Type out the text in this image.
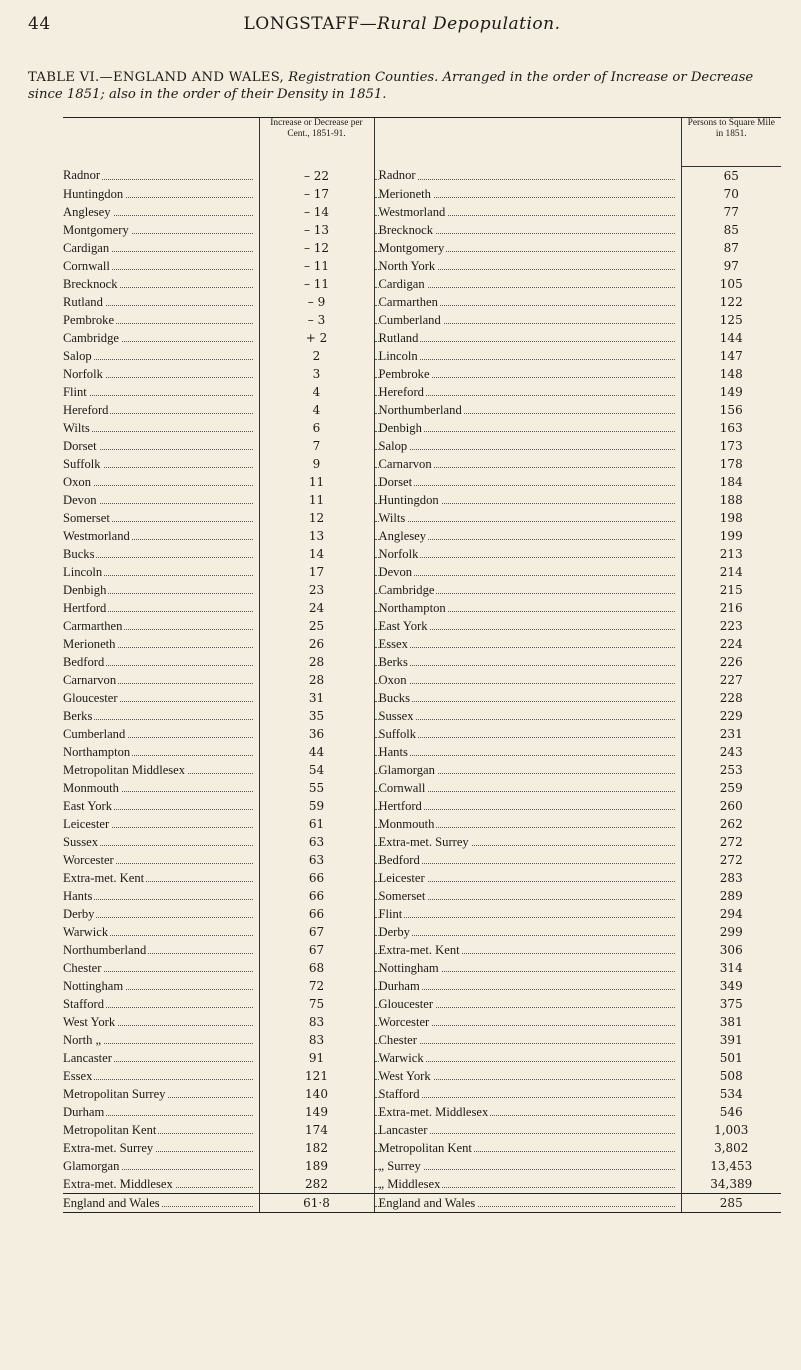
44	LONGSTAFF—Rural Depopulation.
TABLE VI.—ENGLAND AND WALES, Registration Counties. Arranged in the order of Increase or Decrease since 1851; also in the order of their Density in 1851.
	Increase or Decrease per Cent., 1851-91.		Persons to Square Mile in 1851.

Radnor	– 22	Radnor	65

Huntingdon	– 17	Merioneth	70

Anglesey	– 14	Westmorland	77

Montgomery	– 13	Brecknock	85

Cardigan	– 12	Montgomery	87

Cornwall	– 11	North York	97

Brecknock	– 11	Cardigan	105

Rutland	– 9	Carmarthen	122

Pembroke	– 3	Cumberland	125

Cambridge	+ 2	Rutland	144

Salop	2	Lincoln	147

Norfolk	3	Pembroke	148

Flint	4	Hereford	149

Hereford	4	Northumberland	156

Wilts	6	Denbigh	163

Dorset	7	Salop	173

Suffolk	9	Carnarvon	178

Oxon	11	Dorset	184

Devon	11	Huntingdon	188

Somerset	12	Wilts	198

Westmorland	13	Anglesey	199

Bucks	14	Norfolk	213

Lincoln	17	Devon	214

Denbigh	23	Cambridge	215

Hertford	24	Northampton	216

Carmarthen	25	East York	223

Merioneth	26	Essex	224

Bedford	28	Berks	226

Carnarvon	28	Oxon	227

Gloucester	31	Bucks	228

Berks	35	Sussex	229

Cumberland	36	Suffolk	231

Northampton	44	Hants	243

Metropolitan Middlesex	54	Glamorgan	253

Monmouth	55	Cornwall	259

East York	59	Hertford	260

Leicester	61	Monmouth	262

Sussex	63	Extra-met. Surrey	272

Worcester	63	Bedford	272

Extra-met. Kent	66	Leicester	283

Hants	66	Somerset	289

Derby	66	Flint	294

Warwick	67	Derby	299

Northumberland	67	Extra-met. Kent	306

Chester	68	Nottingham	314

Nottingham	72	Durham	349

Stafford	75	Gloucester	375

West York	83	Worcester	381

North „	83	Chester	391

Lancaster	91	Warwick	501

Essex	121	West York	508

Metropolitan Surrey	140	Stafford	534

Durham	149	Extra-met. Middlesex	546

Metropolitan Kent	174	Lancaster	1,003

Extra-met. Surrey	182	Metropolitan Kent	3,802

Glamorgan	189	„ Surrey	13,453

Extra-met. Middlesex	282	„ Middlesex	34,389

England and Wales	61·8	England and Wales	285
